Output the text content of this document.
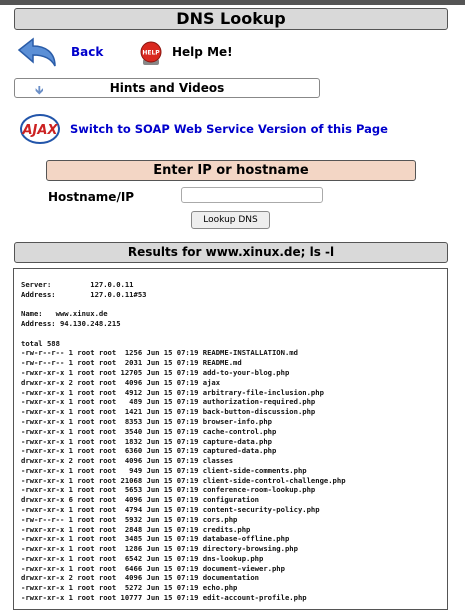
DNS Lookup
Back	HELP Help Me!
🡻	Hints and Videos
AJAX Switch to SOAP Web Service Version of this Page
Enter IP or hostname
Hostname/IP
Lookup DNS
Results for www.xinux.de; ls -l
Server:         127.0.0.11
Address:        127.0.0.11#53

Name:   www.xinux.de
Address: 94.130.248.215

total 588
-rw-r--r-- 1 root root  1256 Jun 15 07:19 README-INSTALLATION.md
-rw-r--r-- 1 root root  2031 Jun 15 07:19 README.md
-rwxr-xr-x 1 root root 12705 Jun 15 07:19 add-to-your-blog.php
drwxr-xr-x 2 root root  4096 Jun 15 07:19 ajax
-rwxr-xr-x 1 root root  4912 Jun 15 07:19 arbitrary-file-inclusion.php
-rwxr-xr-x 1 root root   489 Jun 15 07:19 authorization-required.php
-rwxr-xr-x 1 root root  1421 Jun 15 07:19 back-button-discussion.php
-rwxr-xr-x 1 root root  8353 Jun 15 07:19 browser-info.php
-rwxr-xr-x 1 root root  3540 Jun 15 07:19 cache-control.php
-rwxr-xr-x 1 root root  1832 Jun 15 07:19 capture-data.php
-rwxr-xr-x 1 root root  6360 Jun 15 07:19 captured-data.php
drwxr-xr-x 2 root root  4096 Jun 15 07:19 classes
-rwxr-xr-x 1 root root   949 Jun 15 07:19 client-side-comments.php
-rwxr-xr-x 1 root root 21068 Jun 15 07:19 client-side-control-challenge.php
-rwxr-xr-x 1 root root  5653 Jun 15 07:19 conference-room-lookup.php
drwxr-xr-x 6 root root  4096 Jun 15 07:19 configuration
-rwxr-xr-x 1 root root  4794 Jun 15 07:19 content-security-policy.php
-rw-r--r-- 1 root root  5932 Jun 15 07:19 cors.php
-rwxr-xr-x 1 root root  2848 Jun 15 07:19 credits.php
-rwxr-xr-x 1 root root  3485 Jun 15 07:19 database-offline.php
-rwxr-xr-x 1 root root  1286 Jun 15 07:19 directory-browsing.php
-rwxr-xr-x 1 root root  6542 Jun 15 07:19 dns-lookup.php
-rwxr-xr-x 1 root root  6466 Jun 15 07:19 document-viewer.php
drwxr-xr-x 2 root root  4096 Jun 15 07:19 documentation
-rwxr-xr-x 1 root root  5272 Jun 15 07:19 echo.php
-rwxr-xr-x 1 root root 10777 Jun 15 07:19 edit-account-profile.php
